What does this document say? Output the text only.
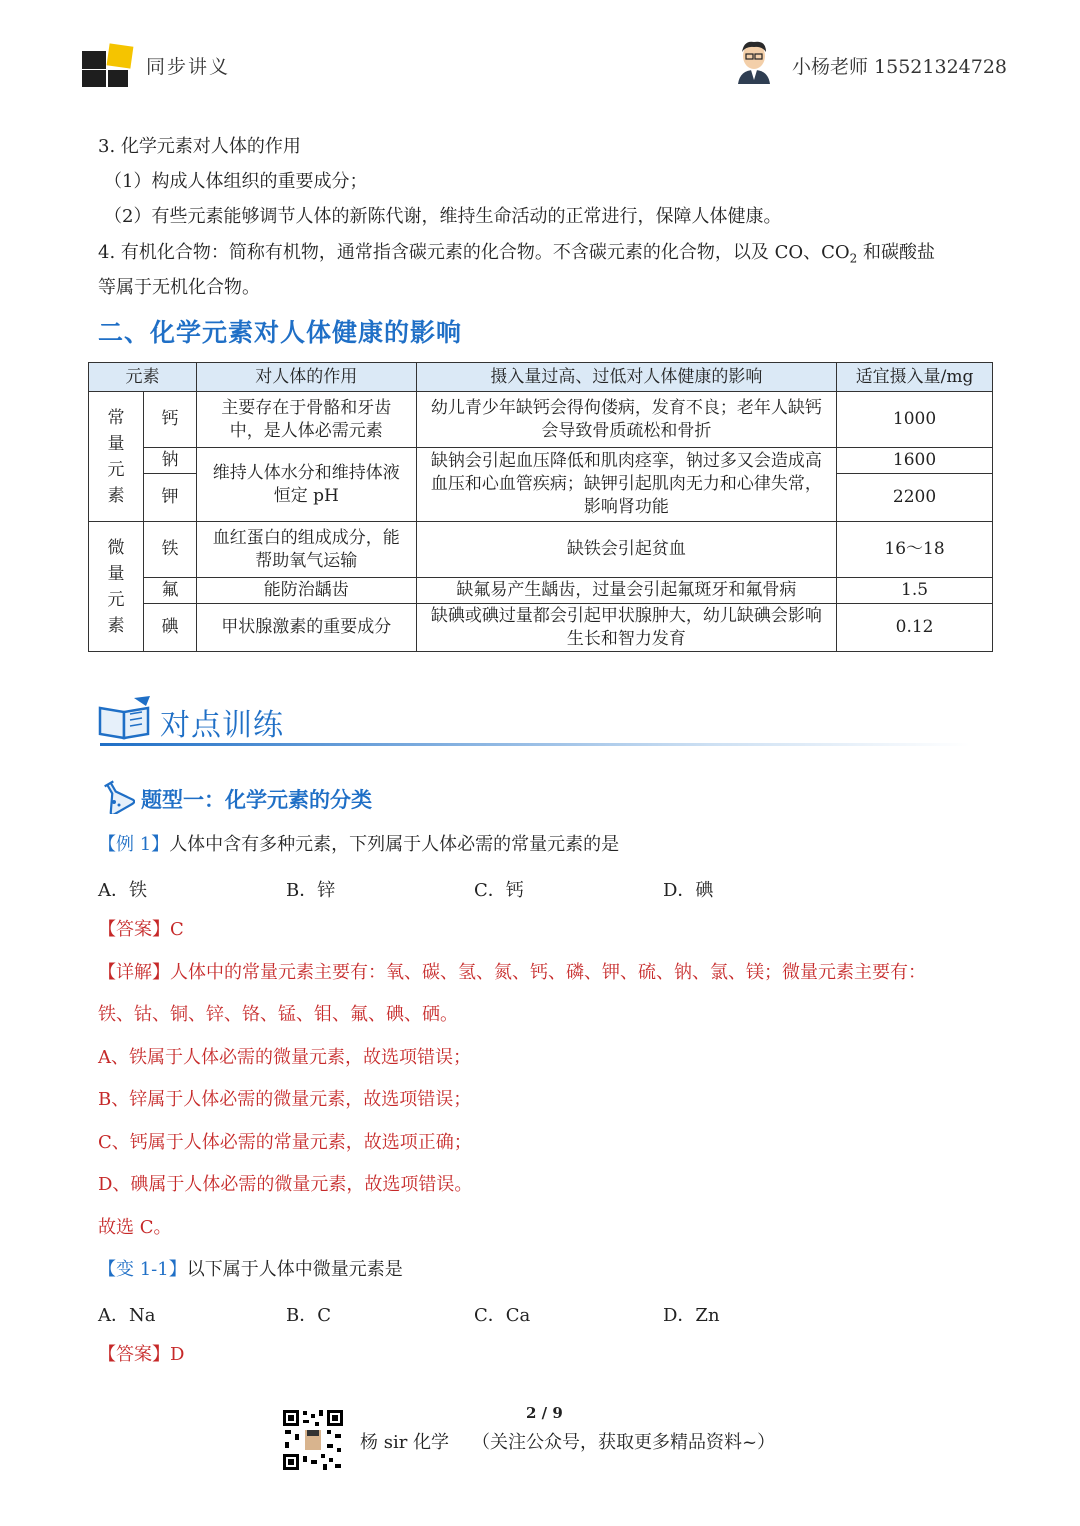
同步讲义	小杨老师 15521324728
3. 化学元素对人体的作用
（1）构成人体组织的重要成分；
（2）有些元素能够调节人体的新陈代谢，维持生命活动的正常进行，保障人体健康。
4. 有机化合物：简称有机物，通常指含碳元素的化合物。不含碳元素的化合物，以及 CO、$CO_2$ 和碳酸盐
等属于无机化合物。
二、化学元素对人体健康的影响
元素		对人体的作用	摄入量过高、过低对人体健康的影响	适宜摄入量/mg
常量元素	钙	主要存在于骨骼和牙齿中，是人体必需元素	幼儿青少年缺钙会得佝偻病，发育不良；老年人缺钙会导致骨质疏松和骨折	1000
	钠	维持人体水分和维持体液恒定 pH	缺钠会引起血压降低和肌肉痉挛，钠过多又会造成高血压和心血管疾病；缺钾引起肌肉无力和心律失常，影响肾功能	1600
	钾			2200
微量元素	铁	血红蛋白的组成成分，能帮助氧气运输	缺铁会引起贫血	16～18
	氟	能防治龋齿	缺氟易产生龋齿，过量会引起氟斑牙和氟骨病	1.5
	碘	甲状腺激素的重要成分	缺碘或碘过量都会引起甲状腺肿大，幼儿缺碘会影响生长和智力发育	0.12
对点训练
题型一：化学元素的分类
【例 1】人体中含有多种元素，下列属于人体必需的常量元素的是
A．铁	B．锌	C．钙	D．碘
【答案】C
【详解】人体中的常量元素主要有：氧、碳、氢、氮、钙、磷、钾、硫、钠、氯、镁；微量元素主要有：
铁、钴、铜、锌、铬、锰、钼、氟、碘、硒。
A、铁属于人体必需的微量元素，故选项错误；
B、锌属于人体必需的微量元素，故选项错误；
C、钙属于人体必需的常量元素，故选项正确；
D、碘属于人体必需的微量元素，故选项错误。
故选 C。
【变 1-1】以下属于人体中微量元素是
A．Na	B．C	C．Ca	D．Zn
【答案】D
2 / 9
杨 sir 化学 （关注公众号，获取更多精品资料~）
